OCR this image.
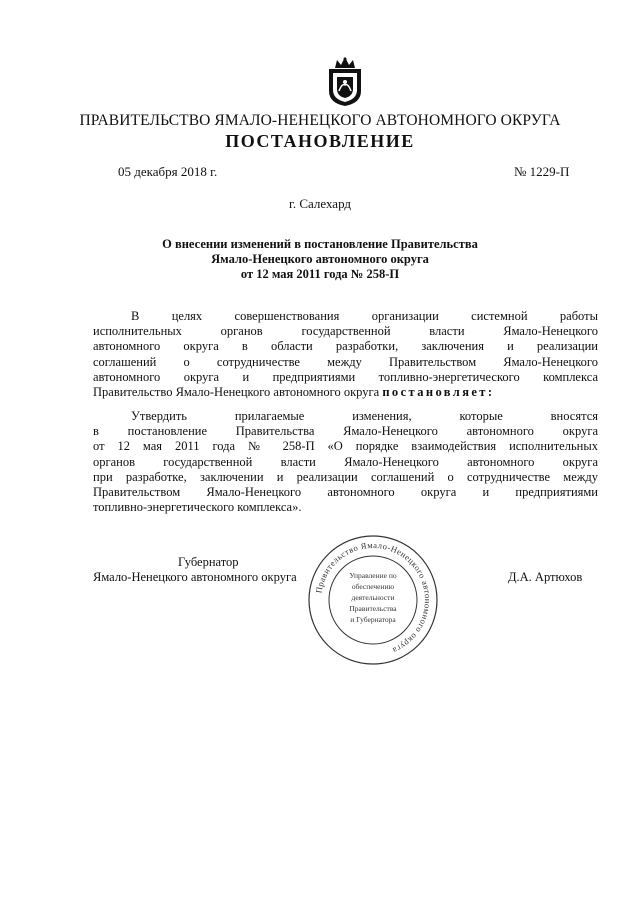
ПРАВИТЕЛЬСТВО ЯМАЛО-НЕНЕЦКОГО АВТОНОМНОГО ОКРУГА
ПОСТАНОВЛЕНИЕ
05 декабря 2018 г.	№ 1229-П
г. Салехард
О внесении изменений в постановление Правительства
Ямало-Ненецкого автономного округа
от 12 мая 2011 года № 258-П
В целях совершенствования организации системной работы
исполнительных органов государственной власти Ямало-Ненецкого
автономного округа в области разработки, заключения и реализации
соглашений о сотрудничестве между Правительством Ямало-Ненецкого
автономного округа и предприятиями топливно-энергетического комплекса
Правительство Ямало-Ненецкого автономного округа постановляет:
Утвердить прилагаемые изменения, которые вносятся
в постановление Правительства Ямало-Ненецкого автономного округа
от 12 мая 2011 года № 258-П «О порядке взаимодействия исполнительных
органов государственной власти Ямало-Ненецкого автономного округа
при разработке, заключении и реализации соглашений о сотрудничестве между
Правительством Ямало-Ненецкого автономного округа и предприятиями
топливно-энергетического комплекса».
Правительство Ямало-Ненецкого автономного округа
Управление по
обеспечению
деятельности
Правительства
и Губернатора
Губернатор
Ямало-Ненецкого автономного округа	Д.А. Артюхов
